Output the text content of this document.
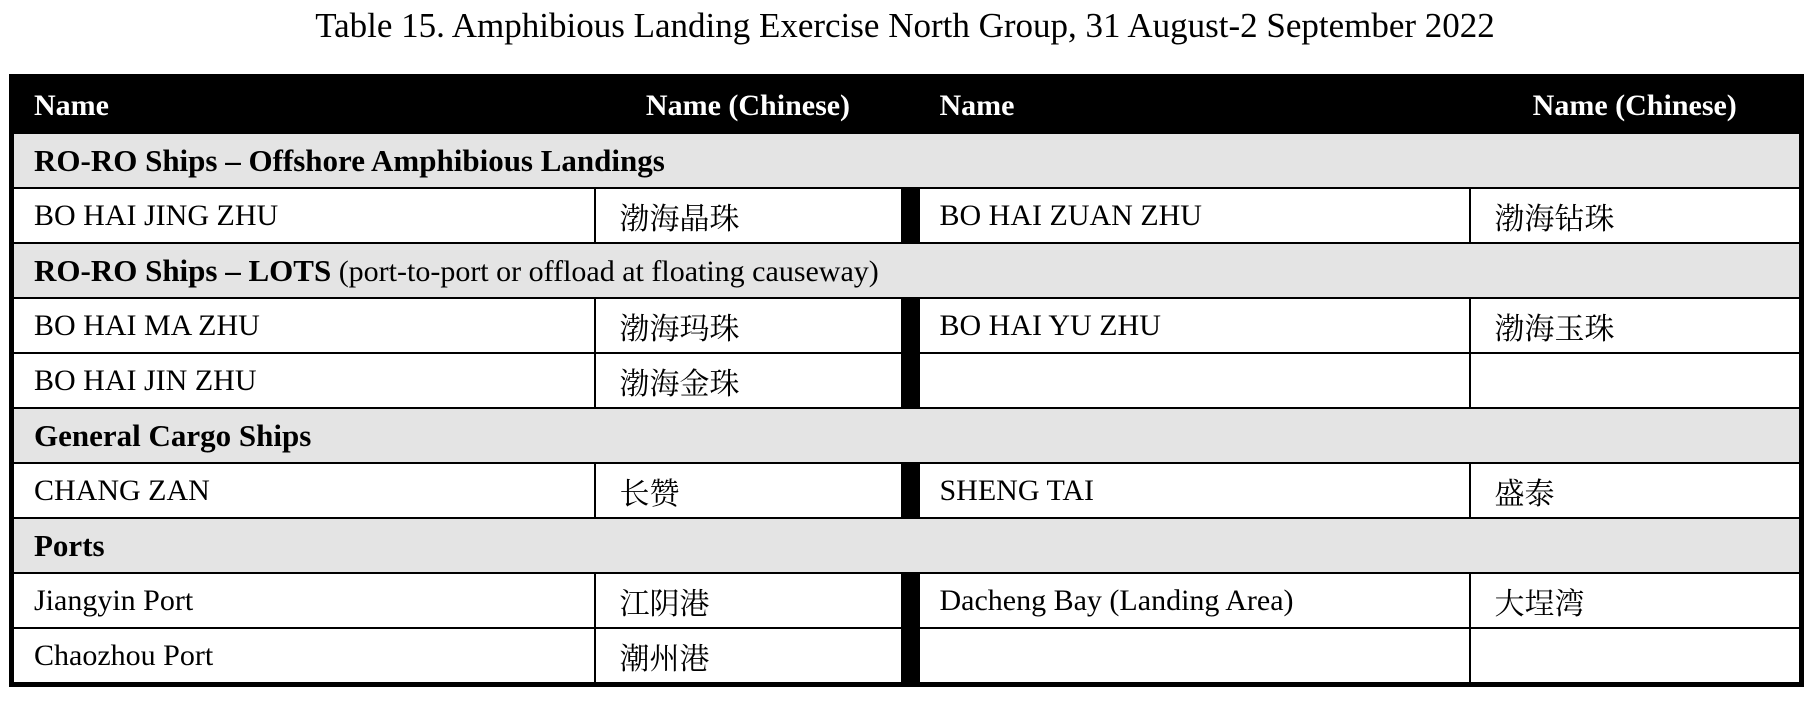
Table 15. Amphibious Landing Exercise North Group, 31 August-2 September 2022
Name	Name (Chinese)		Name	Name (Chinese)
RO-RO Ships – Offshore Amphibious Landings				
BO HAI JING ZHU	渤海晶珠		BO HAI ZUAN ZHU	渤海钻珠
RO-RO Ships – LOTS (port-to-port or offload at floating causeway)				
BO HAI MA ZHU	渤海玛珠		BO HAI YU ZHU	渤海玉珠
BO HAI JIN ZHU	渤海金珠			
General Cargo Ships				
CHANG ZAN	长赞		SHENG TAI	盛泰
Ports				
Jiangyin Port	江阴港		Dacheng Bay (Landing Area)	大埕湾
Chaozhou Port	潮州港			
